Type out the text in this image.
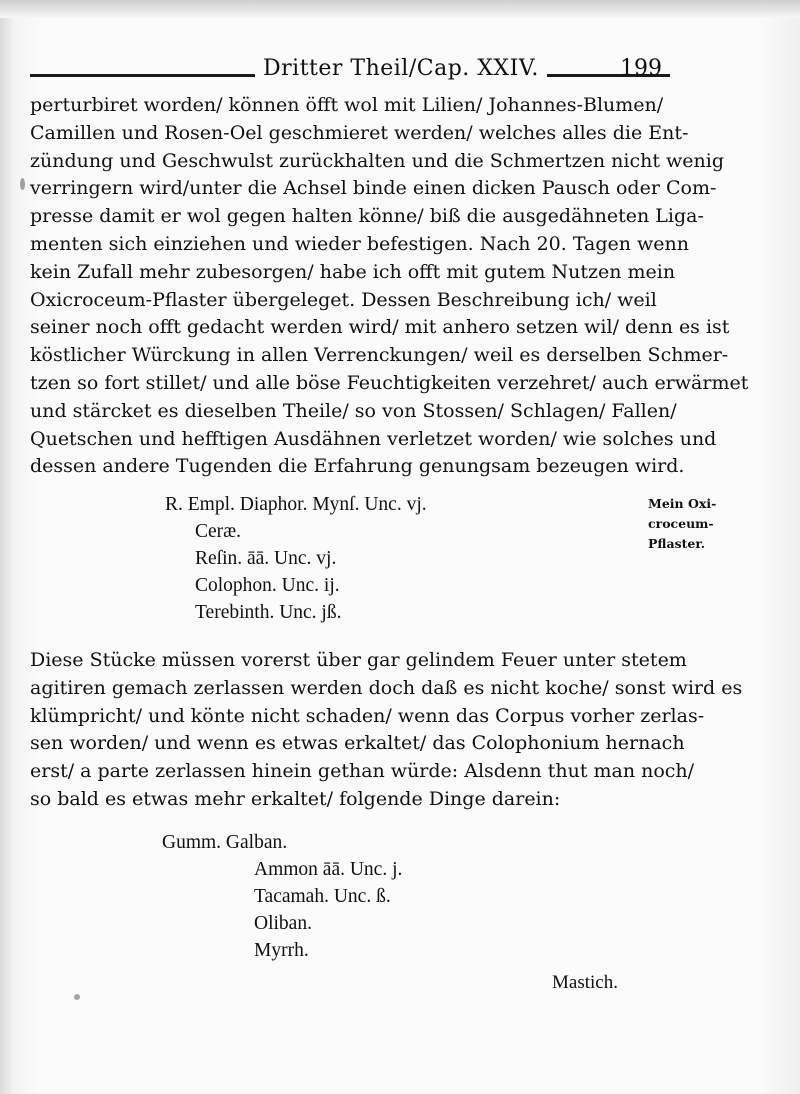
Dritter Theil/Cap. XXIV.	199
perturbiret worden/ können öfft wol mit Lilien/ Johannes-Blumen/
Camillen und Rosen-Oel geschmieret werden/ welches alles die Ent-
zündung und Geschwulst zurückhalten und die Schmertzen nicht wenig
verringern wird/unter die Achsel binde einen dicken Pausch oder Com-
presse damit er wol gegen halten könne/ biß die ausgedähneten Liga-
menten sich einziehen und wieder befestigen. Nach 20. Tagen wenn
kein Zufall mehr zubesorgen/ habe ich offt mit gutem Nutzen mein
Oxicroceum-Pflaster übergeleget. Dessen Beschreibung ich/ weil
seiner noch offt gedacht werden wird/ mit anhero setzen wil/ denn es ist
köstlicher Würckung in allen Verrenckungen/ weil es derselben Schmer-
tzen so fort stillet/ und alle böse Feuchtigkeiten verzehret/ auch erwärmet
und stärcket es dieselben Theile/ so von Stossen/ Schlagen/ Fallen/
Quetschen und hefftigen Ausdähnen verletzet worden/ wie solches und
dessen andere Tugenden die Erfahrung genungsam bezeugen wird.
R. Empl. Diaphor. Mynſ. Unc. vj.
Ceræ.
Reſin. āā. Unc. vj.
Colophon. Unc. ij.
Terebinth. Unc. jß.
Mein Oxi-
croceum-
Pflaster.
Diese Stücke müssen vorerst über gar gelindem Feuer unter stetem
agitiren gemach zerlassen werden doch daß es nicht koche/ sonst wird es
klümpricht/ und könte nicht schaden/ wenn das Corpus vorher zerlas-
sen worden/ und wenn es etwas erkaltet/ das Colophonium hernach
erst/ a parte zerlassen hinein gethan würde: Alsdenn thut man noch/
so bald es etwas mehr erkaltet/ folgende Dinge darein:
Gumm. Galban.
Ammon āā. Unc. j.
Tacamah. Unc. ß.
Oliban.
Myrrh.
Mastich.
